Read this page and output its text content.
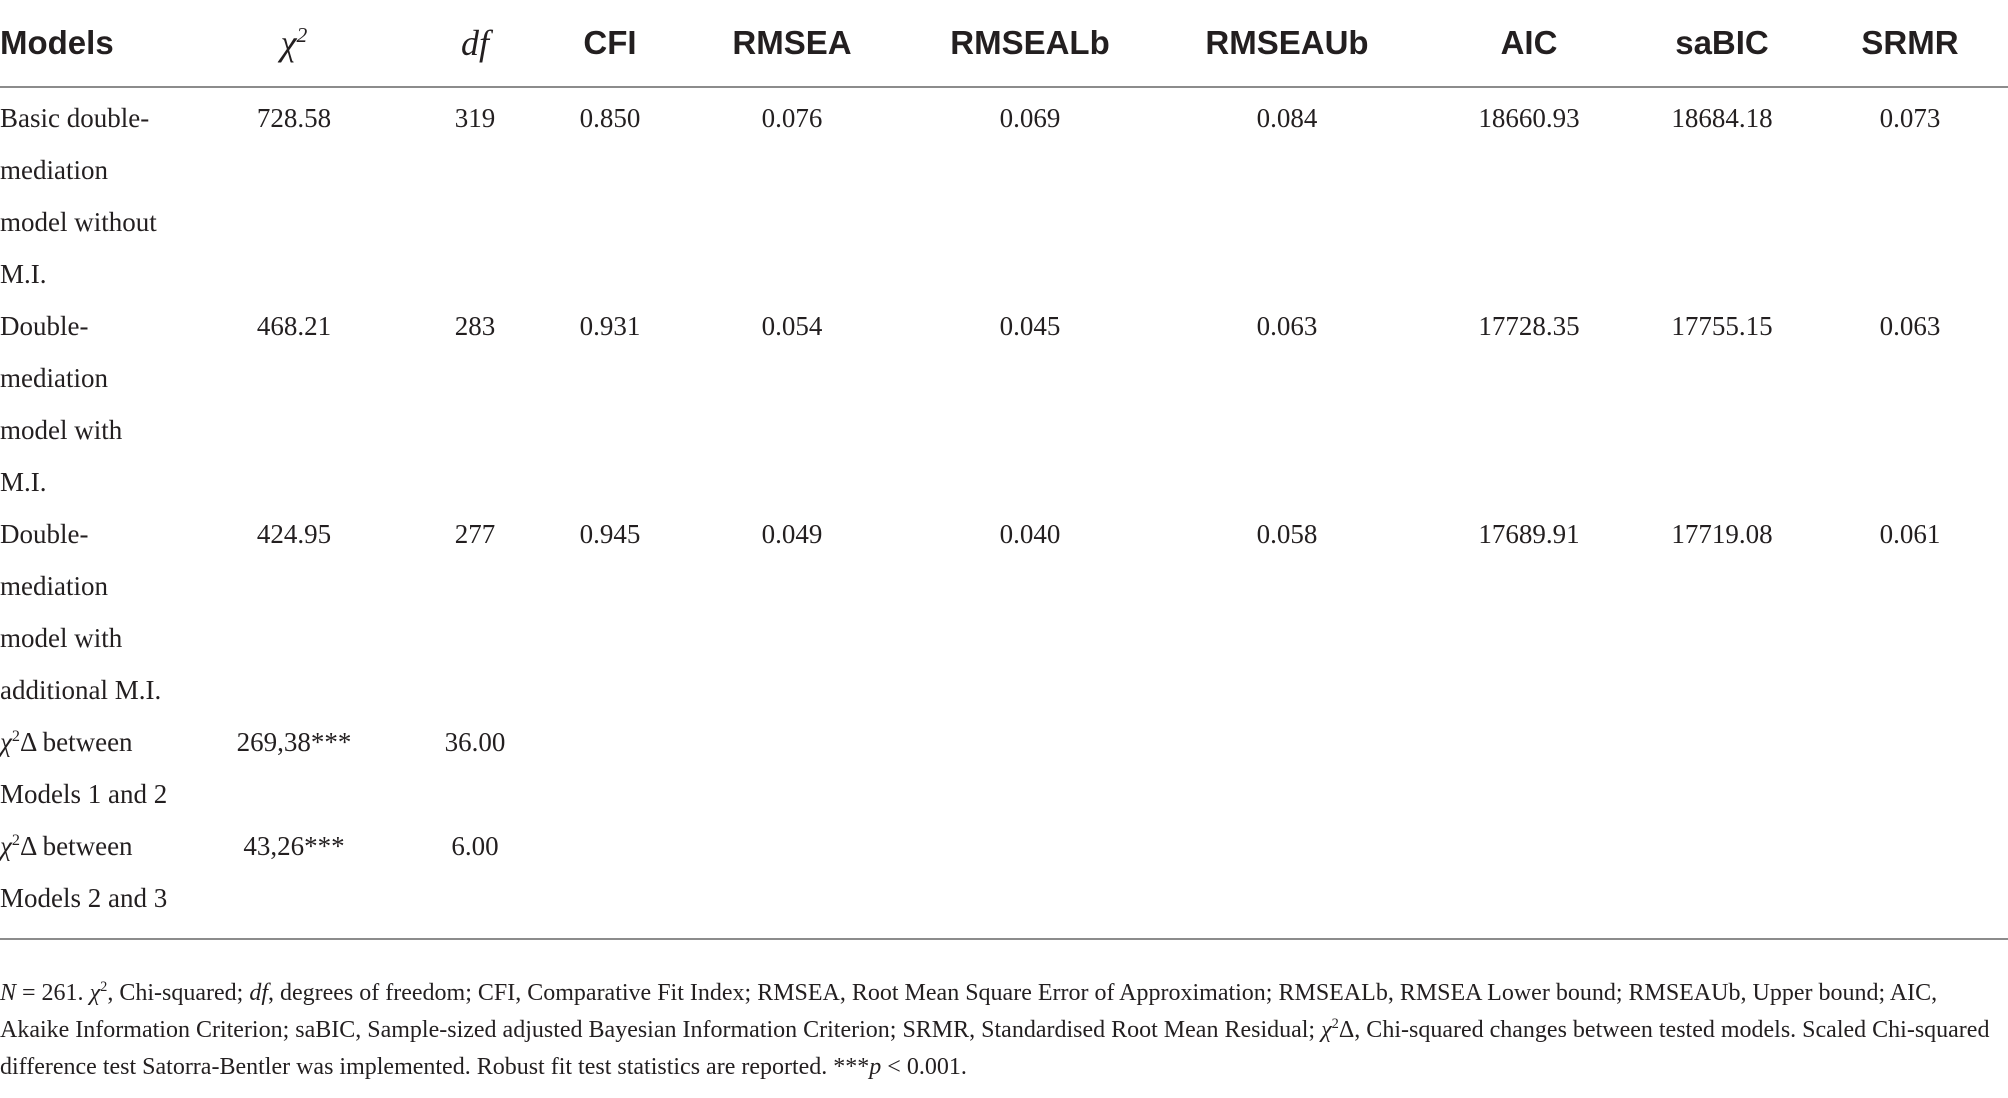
Models	$\chi^2$	df	CFI	RMSEA	RMSEALb	RMSEAUb	AIC	saBIC	SRMR

Basic double-
mediation
model without
M.I.	728.58	319	0.850	0.076	0.069	0.084	18660.93	18684.18	0.073

Double-
mediation
model with
M.I.	468.21	283	0.931	0.054	0.045	0.063	17728.35	17755.15	0.063

Double-
mediation
model with
additional M.I.	424.95	277	0.945	0.049	0.040	0.058	17689.91	17719.08	0.061

$\chi^2\Delta$ between
Models 1 and 2	269,38***	36.00							

$\chi^2\Delta$ between
Models 2 and 3	43,26***	6.00							
N = 261. $\chi^2$, Chi-squared; df, degrees of freedom; CFI, Comparative Fit Index; RMSEA, Root Mean Square Error of Approximation; RMSEALb, RMSEA Lower bound; RMSEAUb, Upper bound; AIC, Akaike Information Criterion; saBIC, Sample-sized adjusted Bayesian Information Criterion; SRMR, Standardised Root Mean Residual; $\chi^2\Delta$, Chi-squared changes between tested models. Scaled Chi-squared difference test Satorra-Bentler was implemented. Robust fit test statistics are reported. ***p < 0.001.
